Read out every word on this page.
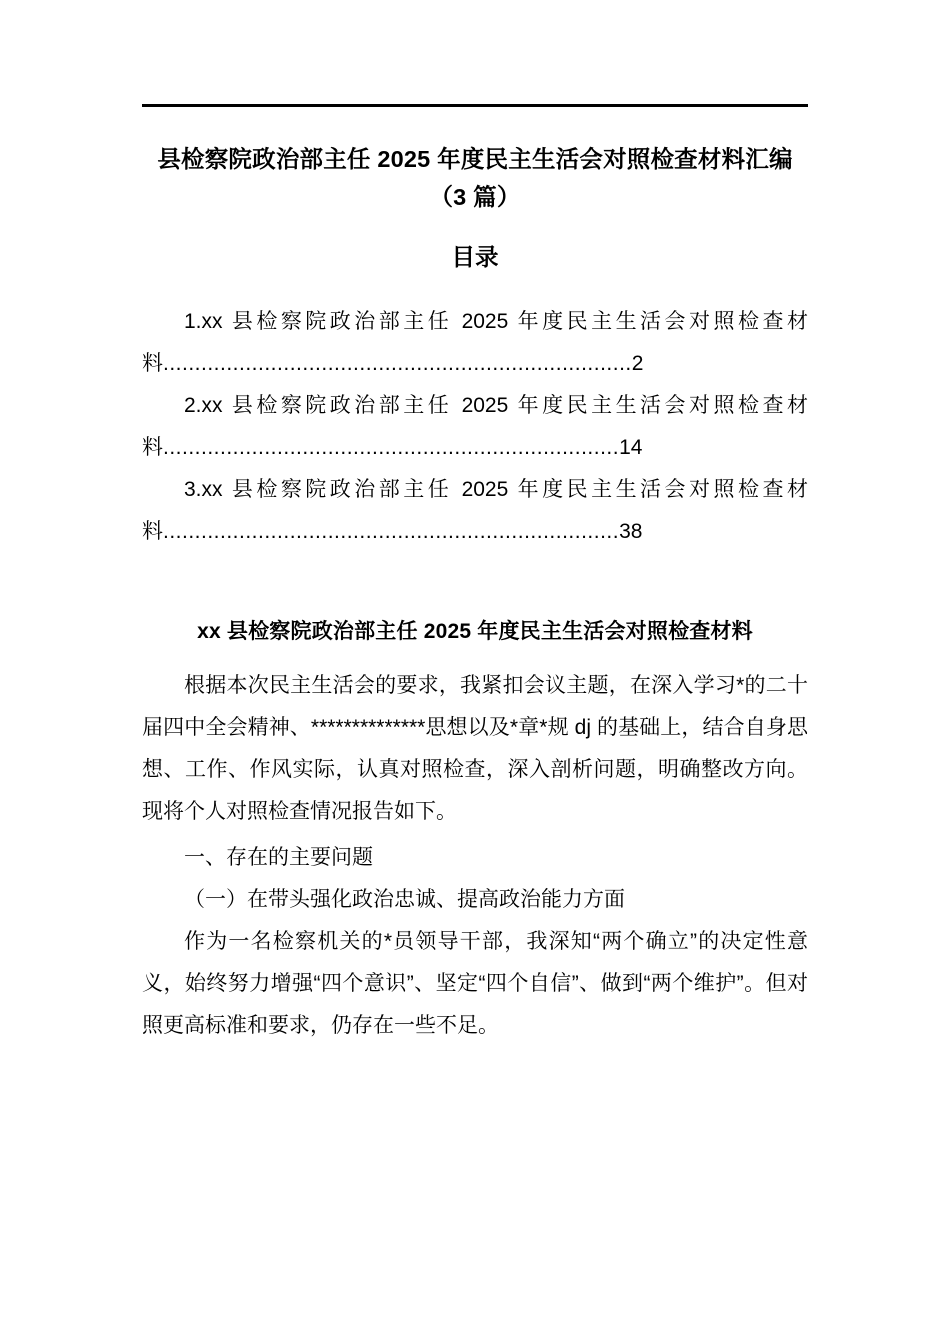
县检察院政治部主任 2025 年度民主生活会对照检查材料汇编
（3 篇）
目录
1.xx 县检察院政治部主任 2025 年度民主生活会对照检查材料..........................................................................2
2.xx 县检察院政治部主任 2025 年度民主生活会对照检查材料........................................................................14
3.xx 县检察院政治部主任 2025 年度民主生活会对照检查材料........................................................................38
xx 县检察院政治部主任 2025 年度民主生活会对照检查材料

根据本次民主生活会的要求，我紧扣会议主题，在深入学习*的二十届四中全会精神、**************思想以及*章*规 dj 的基础上，结合自身思想、工作、作风实际，认真对照检查，深入剖析问题，明确整改方向。现将个人对照检查情况报告如下。

一、存在的主要问题

（一）在带头强化政治忠诚、提高政治能力方面

作为一名检察机关的*员领导干部，我深知“两个确立”的决定性意义，始终努力增强“四个意识”、坚定“四个自信”、做到“两个维护”。但对照更高标准和要求，仍存在一些不足。
